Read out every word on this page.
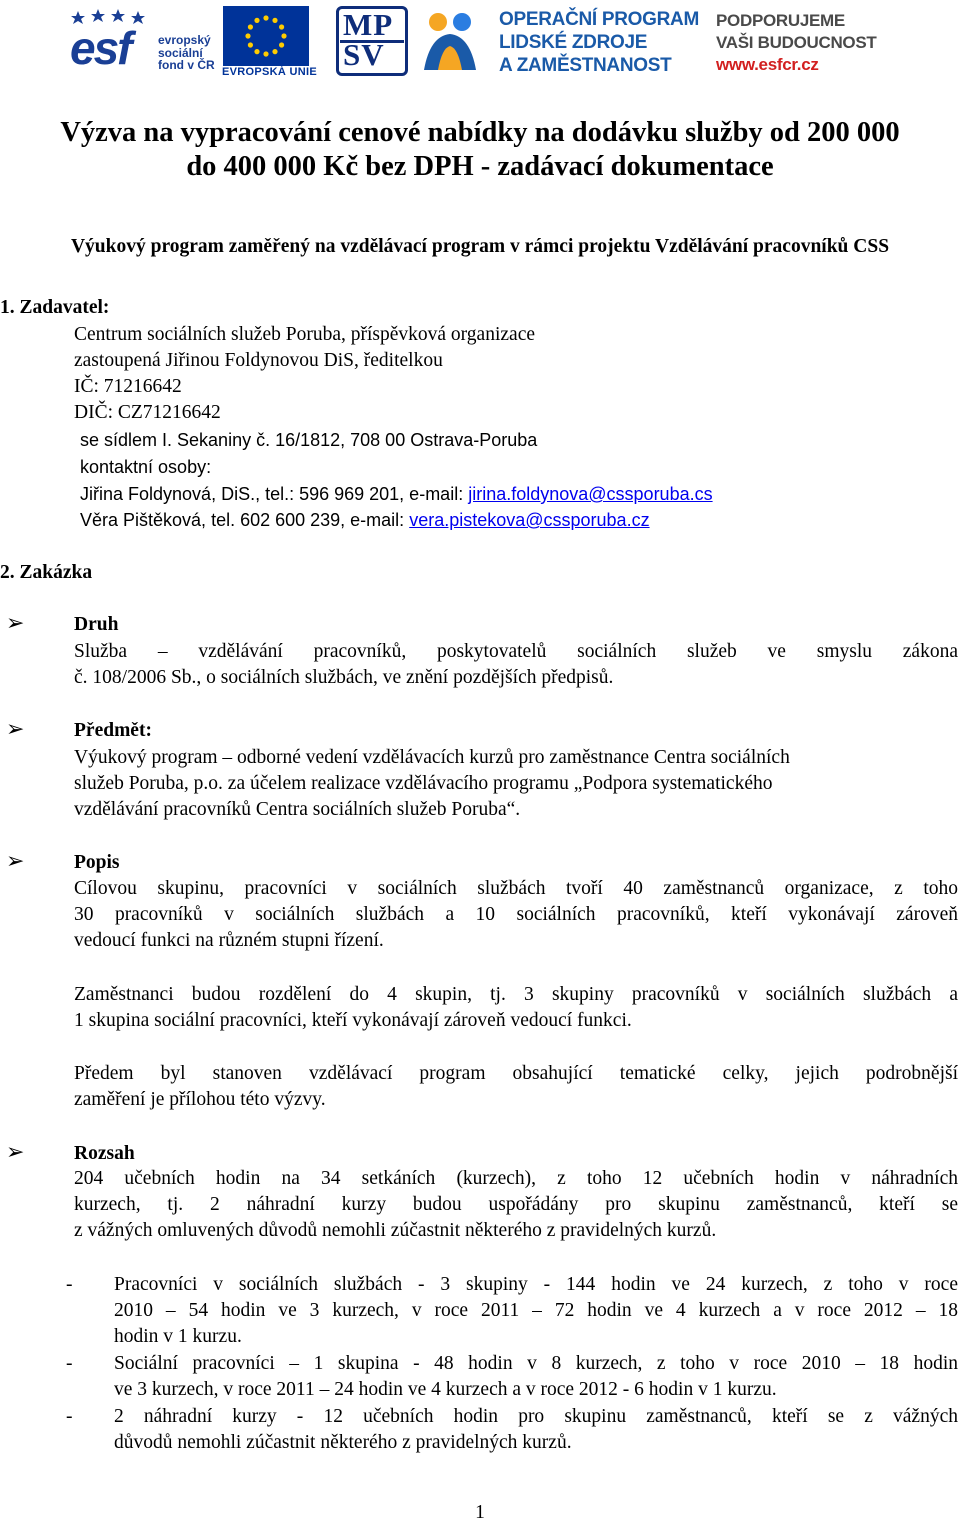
esf evropský
sociální
fond v ČR EVROPSKÁ UNIE
MPSV
OPERAČNÍ PROGRAM
LIDSKÉ ZDROJE
A ZAMĚSTNANOST
PODPORUJEME
VAŠI BUDOUCNOST
www.esfcr.cz
Výzva na vypracování cenové nabídky na dodávku služby od 200 000
do 400 000 Kč bez DPH - zadávací dokumentace
Výukový program zaměřený na vzdělávací program v rámci projektu Vzdělávání pracovníků CSS
1. Zadavatel:
Centrum sociálních služeb Poruba, příspěvková organizace
zastoupená Jiřinou Foldynovou DiS, ředitelkou
IČ: 71216642
DIČ: CZ71216642
se sídlem I. Sekaniny č. 16/1812, 708 00 Ostrava-Poruba
kontaktní osoby:
Jiřina Foldynová, DiS., tel.: 596 969 201, e-mail: jirina.foldynova@cssporuba.cs
Věra Pištěková, tel. 602 600 239, e-mail: vera.pistekova@cssporuba.cz
2. Zakázka
➢	Druh
Služba – vzdělávání pracovníků, poskytovatelů sociálních služeb ve smyslu zákona
č. 108/2006 Sb., o sociálních službách, ve znění pozdějších předpisů.
➢	Předmět:
Výukový program – odborné vedení vzdělávacích kurzů pro zaměstnance Centra sociálních
služeb Poruba, p.o. za účelem realizace vzdělávacího programu „Podpora systematického
vzdělávání pracovníků Centra sociálních služeb Poruba“.
➢	Popis
Cílovou skupinu, pracovníci v sociálních službách tvoří 40 zaměstnanců organizace, z toho
30 pracovníků v sociálních službách a 10 sociálních pracovníků, kteří vykonávají zároveň
vedoucí funkci na různém stupni řízení.
Zaměstnanci budou rozdělení do 4 skupin, tj. 3 skupiny pracovníků v sociálních službách a
1 skupina sociální pracovníci, kteří vykonávají zároveň vedoucí funkci.
Předem byl stanoven vzdělávací program obsahující tematické celky, jejich podrobnější
zaměření je přílohou této výzvy.
➢	Rozsah
204 učebních hodin na 34 setkáních (kurzech), z toho 12 učebních hodin v náhradních
kurzech, tj. 2 náhradní kurzy budou uspořádány pro skupinu zaměstnanců, kteří se
z vážných omluvených důvodů nemohli zúčastnit některého z pravidelných kurzů.
- Pracovníci v sociálních službách - 3 skupiny - 144 hodin ve 24 kurzech, z toho v roce
2010 – 54 hodin ve 3 kurzech, v roce 2011 – 72 hodin ve 4 kurzech a v roce 2012 – 18
hodin v 1 kurzu.
- Sociální pracovníci – 1 skupina - 48 hodin v 8 kurzech, z toho v roce 2010 – 18 hodin
ve 3 kurzech, v roce 2011 – 24 hodin ve 4 kurzech a v roce 2012 - 6 hodin v 1 kurzu.
- 2 náhradní kurzy - 12 učebních hodin pro skupinu zaměstnanců, kteří se z vážných
důvodů nemohli zúčastnit některého z pravidelných kurzů.
1
